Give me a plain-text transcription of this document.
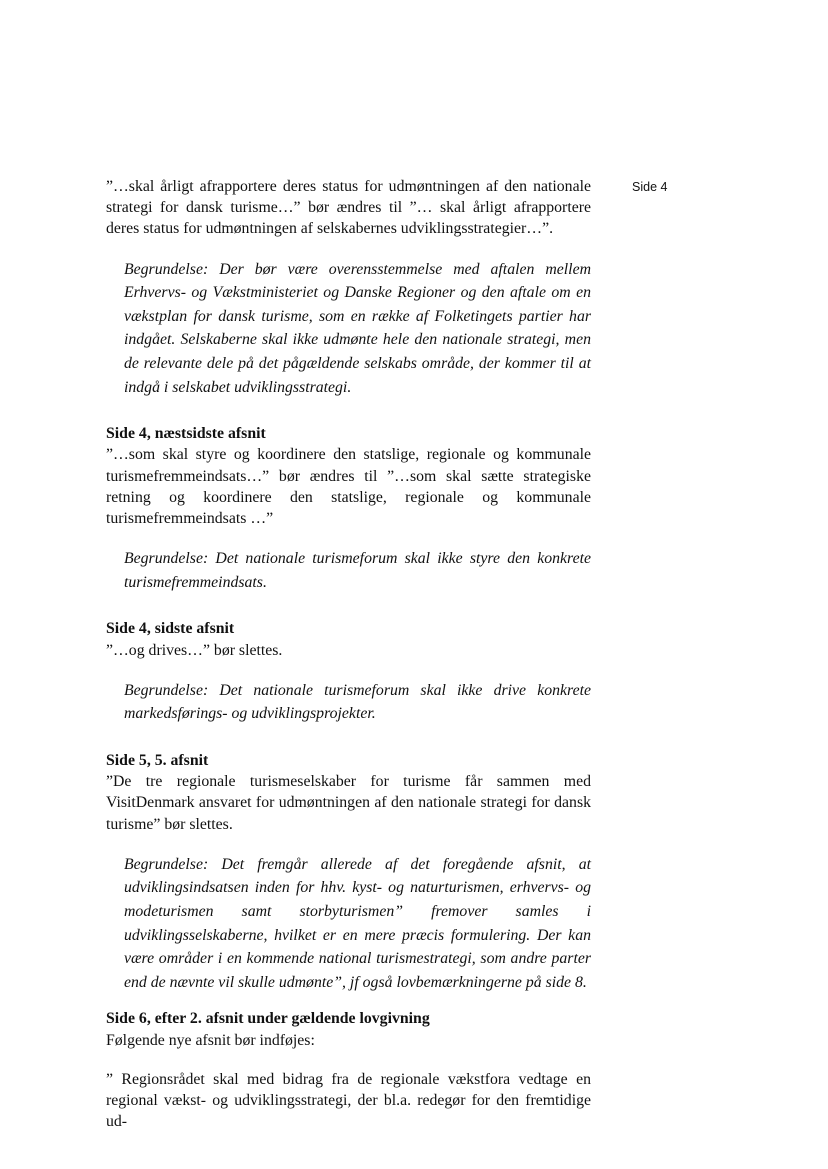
Side 4

”…skal årligt afrapportere deres status for udmøntningen af den nationale strategi for dansk turisme…” bør ændres til ”… skal årligt afrapportere deres status for udmøntningen af selskabernes udviklingsstrategier…”.

Begrundelse: Der bør være overensstemmelse med aftalen mellem Erhvervs- og Vækstministeriet og Danske Regioner og den aftale om en vækstplan for dansk turisme, som en række af Folketingets partier har indgået. Selskaberne skal ikke udmønte hele den nationale strategi, men de relevante dele på det pågældende selskabs område, der kommer til at indgå i selskabet udviklingsstrategi.

Side 4, næstsidste afsnit

”…som skal styre og koordinere den statslige, regionale og kommunale turismefremmeindsats…” bør ændres til ”…som skal sætte strategiske retning og koordinere den statslige, regionale og kommunale turismefremmeindsats …”

Begrundelse: Det nationale turismeforum skal ikke styre den konkrete turismefremmeindsats.

Side 4, sidste afsnit

”…og drives…” bør slettes.

Begrundelse: Det nationale turismeforum skal ikke drive konkrete markedsførings- og udviklingsprojekter.

Side 5, 5. afsnit

”De tre regionale turismeselskaber for turisme får sammen med VisitDenmark ansvaret for udmøntningen af den nationale strategi for dansk turisme” bør slettes.

Begrundelse: Det fremgår allerede af det foregående afsnit, at udviklingsindsatsen inden for hhv. kyst- og naturturismen, erhvervs- og modeturismen samt storbyturismen” fremover samles i udviklingsselskaberne, hvilket er en mere præcis formulering. Der kan være områder i en kommende national turismestrategi, som andre parter end de nævnte vil skulle udmønte”, jf også lovbemærkningerne på side 8.

Side 6, efter 2. afsnit under gældende lovgivning

Følgende nye afsnit bør indføjes:

” Regionsrådet skal med bidrag fra de regionale vækstfora vedtage en regional vækst- og udviklingsstrategi, der bl.a. redegør for den fremtidige ud-
